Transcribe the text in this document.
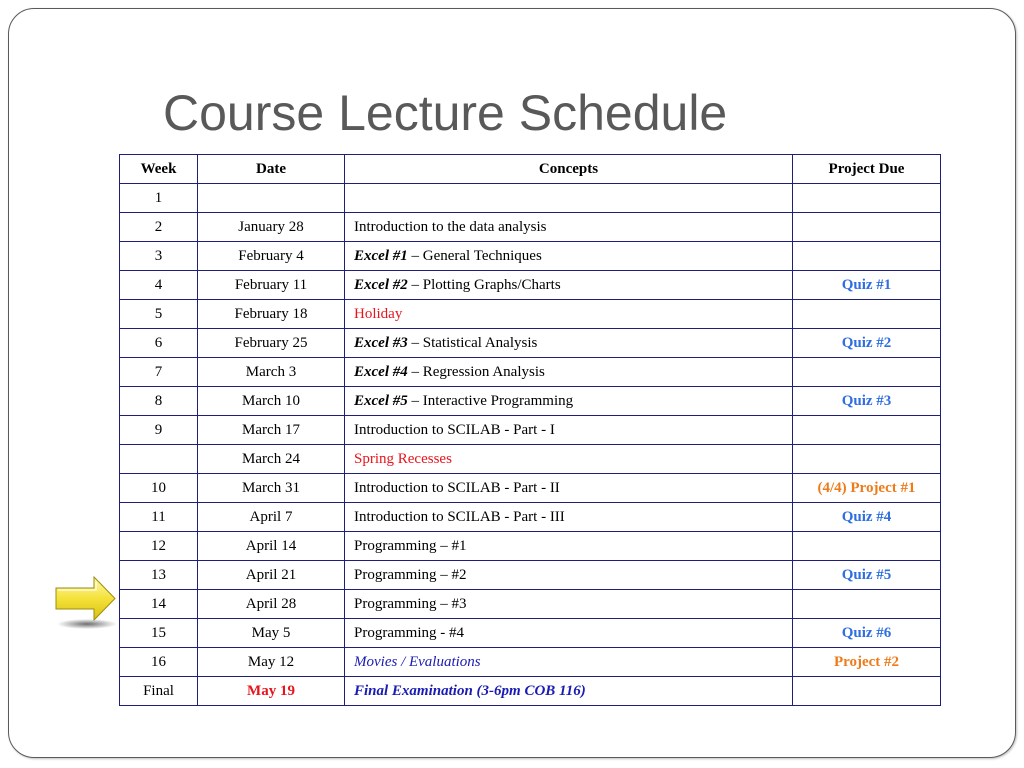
Course Lecture Schedule
Week	Date	Concepts	Project Due
1			
2	January 28	Introduction to the data analysis	
3	February 4	Excel #1 – General Techniques	
4	February 11	Excel #2 – Plotting Graphs/Charts	Quiz #1
5	February 18	Holiday	
6	February 25	Excel #3 – Statistical Analysis	Quiz #2
7	March 3	Excel #4 – Regression Analysis	
8	March 10	Excel #5 – Interactive Programming	Quiz #3
9	March 17	Introduction to SCILAB - Part - I	
	March 24	Spring Recesses	
10	March 31	Introduction to SCILAB - Part - II	(4/4) Project #1
11	April 7	Introduction to SCILAB - Part - III	Quiz #4
12	April 14	Programming – #1	
13	April 21	Programming – #2	Quiz #5
14	April 28	Programming – #3	
15	May 5	Programming - #4	Quiz #6
16	May 12	Movies / Evaluations	Project #2
Final	May 19	Final Examination (3-6pm COB 116)	
